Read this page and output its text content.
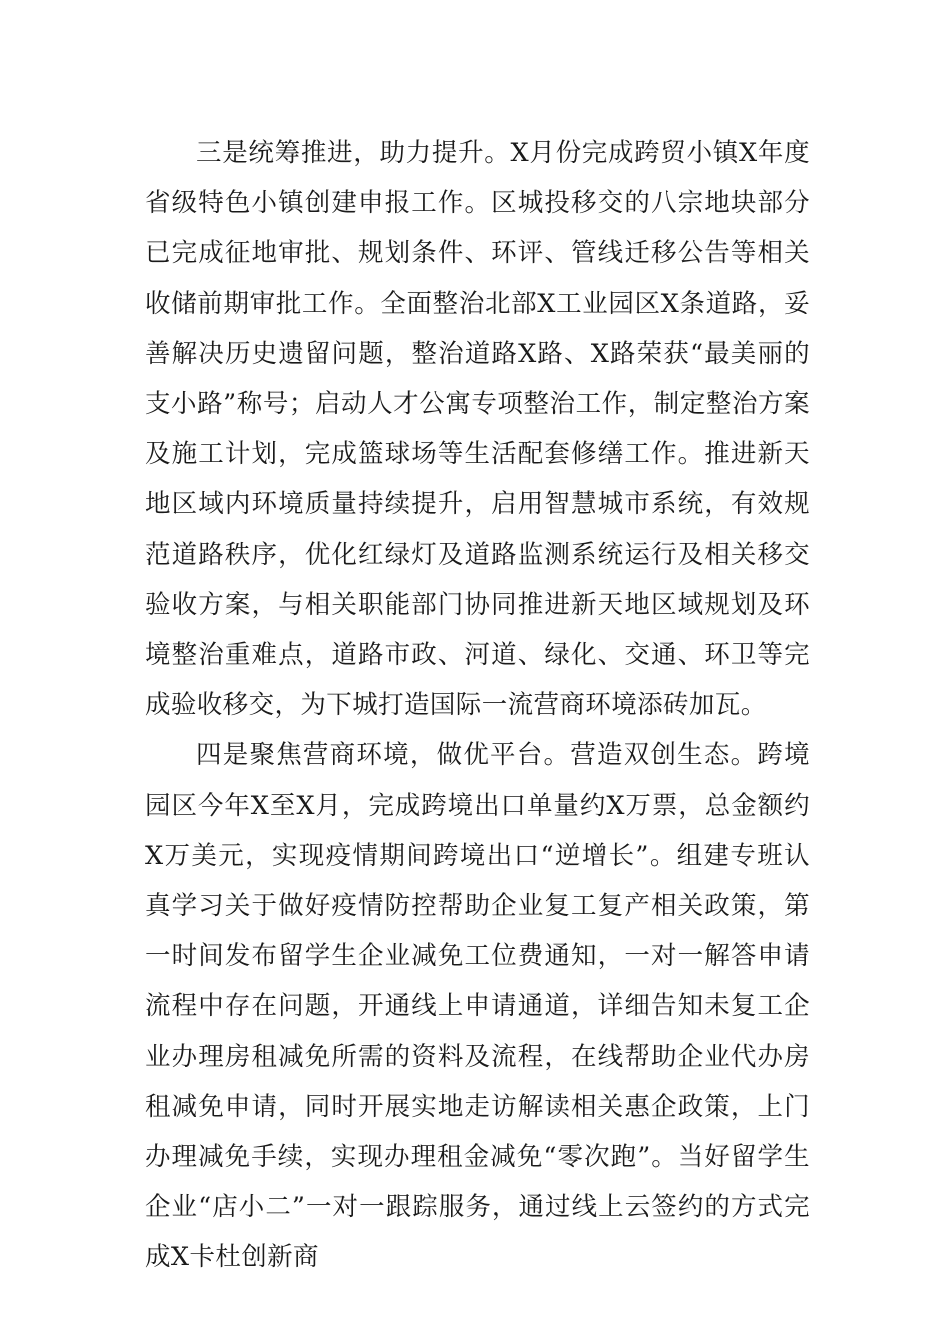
三是统筹推进，助力提升。X月份完成跨贸小镇X年度省级特色小镇创建申报工作。区城投移交的八宗地块部分已完成征地审批、规划条件、环评、管线迁移公告等相关收储前期审批工作。全面整治北部X工业园区X条道路，妥善解决历史遗留问题，整治道路X路、X路荣获“最美丽的支小路”称号；启动人才公寓专项整治工作，制定整治方案及施工计划，完成篮球场等生活配套修缮工作。推进新天地区域内环境质量持续提升，启用智慧城市系统，有效规范道路秩序，优化红绿灯及道路监测系统运行及相关移交验收方案，与相关职能部门协同推进新天地区域规划及环境整治重难点，道路市政、河道、绿化、交通、环卫等完成验收移交，为下城打造国际一流营商环境添砖加瓦。

四是聚焦营商环境，做优平台。营造双创生态。跨境园区今年X至X月，完成跨境出口单量约X万票，总金额约X万美元，实现疫情期间跨境出口“逆增长”。组建专班认真学习关于做好疫情防控帮助企业复工复产相关政策，第一时间发布留学生企业减免工位费通知，一对一解答申请流程中存在问题，开通线上申请通道，详细告知未复工企业办理房租减免所需的资料及流程，在线帮助企业代办房租减免申请，同时开展实地走访解读相关惠企政策，上门办理减免手续，实现办理租金减免“零次跑”。当好留学生企业“店小二”一对一跟踪服务，通过线上云签约的方式完成X卡杜创新商
